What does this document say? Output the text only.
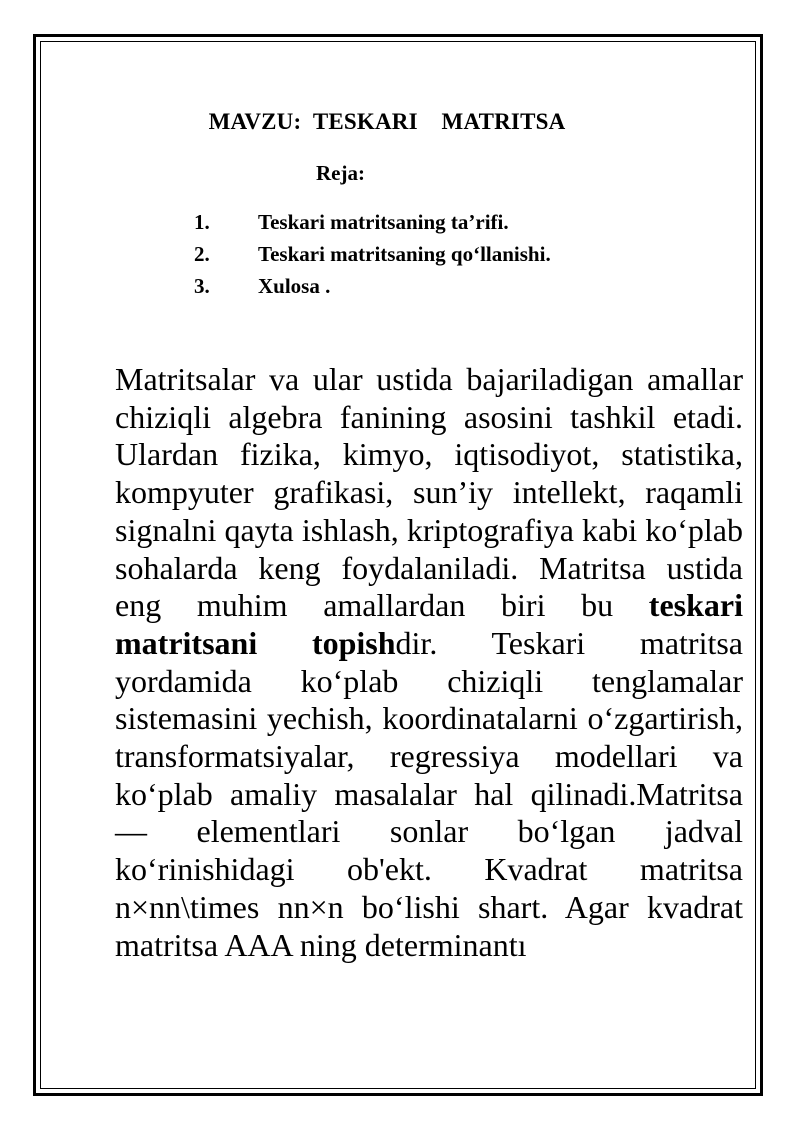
MAVZU:  TESKARI    MATRITSA
Reja:
1.	Teskari matritsaning ta’rifi.
2.	Teskari matritsaning qo‘llanishi.
3.	Xulosa .

Matritsalar va ular ustida bajariladigan amallar chiziqli algebra fanining asosini tashkil etadi. Ulardan fizika, kimyo, iqtisodiyot, statistika, kompyuter grafikasi, sun’iy intellekt, raqamli signalni qayta ishlash, kriptografiya kabi ko‘plab sohalarda keng foydalaniladi. Matritsa ustida eng muhim amallardan biri bu teskari matritsani topishdir. Teskari matritsa yordamida ko‘plab chiziqli tenglamalar sistemasini yechish, koordinatalarni o‘zgartirish, transformatsiyalar, regressiya modellari va ko‘plab amaliy masalalar hal qilinadi.Matritsa — elementlari sonlar bo‘lgan jadval ko‘rinishidagi ob'ekt. Kvadrat matritsa n×nn\times nn×n bo‘lishi shart. Agar kvadrat matritsa AAA ning determinantı
